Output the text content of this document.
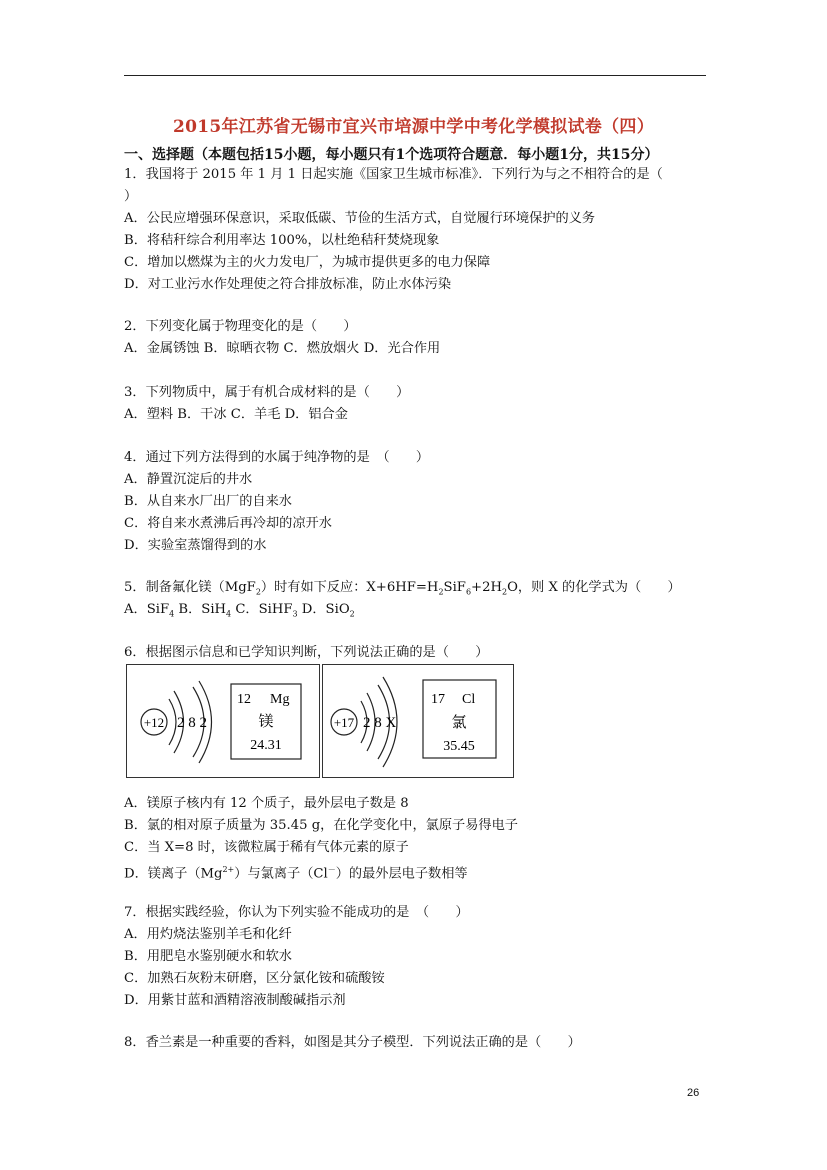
2015年江苏省无锡市宜兴市培源中学中考化学模拟试卷（四）
一、选择题（本题包括15小题，每小题只有1个选项符合题意．每小题1分，共15分）
1．我国将于 2015 年 1 月 1 日起实施《国家卫生城市标准》．下列行为与之不相符合的是（
）
A．公民应增强环保意识，采取低碳、节俭的生活方式，自觉履行环境保护的义务
B．将秸秆综合利用率达 100%，以杜绝秸秆焚烧现象
C．增加以燃煤为主的火力发电厂，为城市提供更多的电力保障
D．对工业污水作处理使之符合排放标准，防止水体污染
2．下列变化属于物理变化的是（　　）
A．金属锈蚀 B．晾晒衣物 C．燃放烟火 D．光合作用
3．下列物质中，属于有机合成材料的是（　　）
A．塑料 B．干冰 C．羊毛 D．铝合金
4．通过下列方法得到的水属于纯净物的是　（　　）
A．静置沉淀后的井水
B．从自来水厂出厂的自来水
C．将自来水煮沸后再冷却的凉开水
D．实验室蒸馏得到的水
5．制备氟化镁（MgF$_2$）时有如下反应：$X+6HF=H_2SiF_6+2H_2O$，则 X 的化学式为（　　）
A．SiF$_4$ B．SiH$_4$ C．SiHF$_3$ D．SiO$_2$
6．根据图示信息和已学知识判断，下列说法正确的是（　　）
+12 2 8 2
12 Mg
镁
24.31
+17 2 8 X
17 Cl
氯
35.45
A．镁原子核内有 12 个质子，最外层电子数是 8
B．氯的相对原子质量为 35.45 g，在化学变化中，氯原子易得电子
C．当 X=8 时，该微粒属于稀有气体元素的原子
D．镁离子$(Mg^{2+})$与氯离子（Cl－）的最外层电子数相等
7．根据实践经验，你认为下列实验不能成功的是　（　　）
A．用灼烧法鉴别羊毛和化纤
B．用肥皂水鉴别硬水和软水
C．加熟石灰粉末研磨，区分氯化铵和硫酸铵
D．用紫甘蓝和酒精溶液制酸碱指示剂
8．香兰素是一种重要的香料，如图是其分子模型．下列说法正确的是（　　）
26
